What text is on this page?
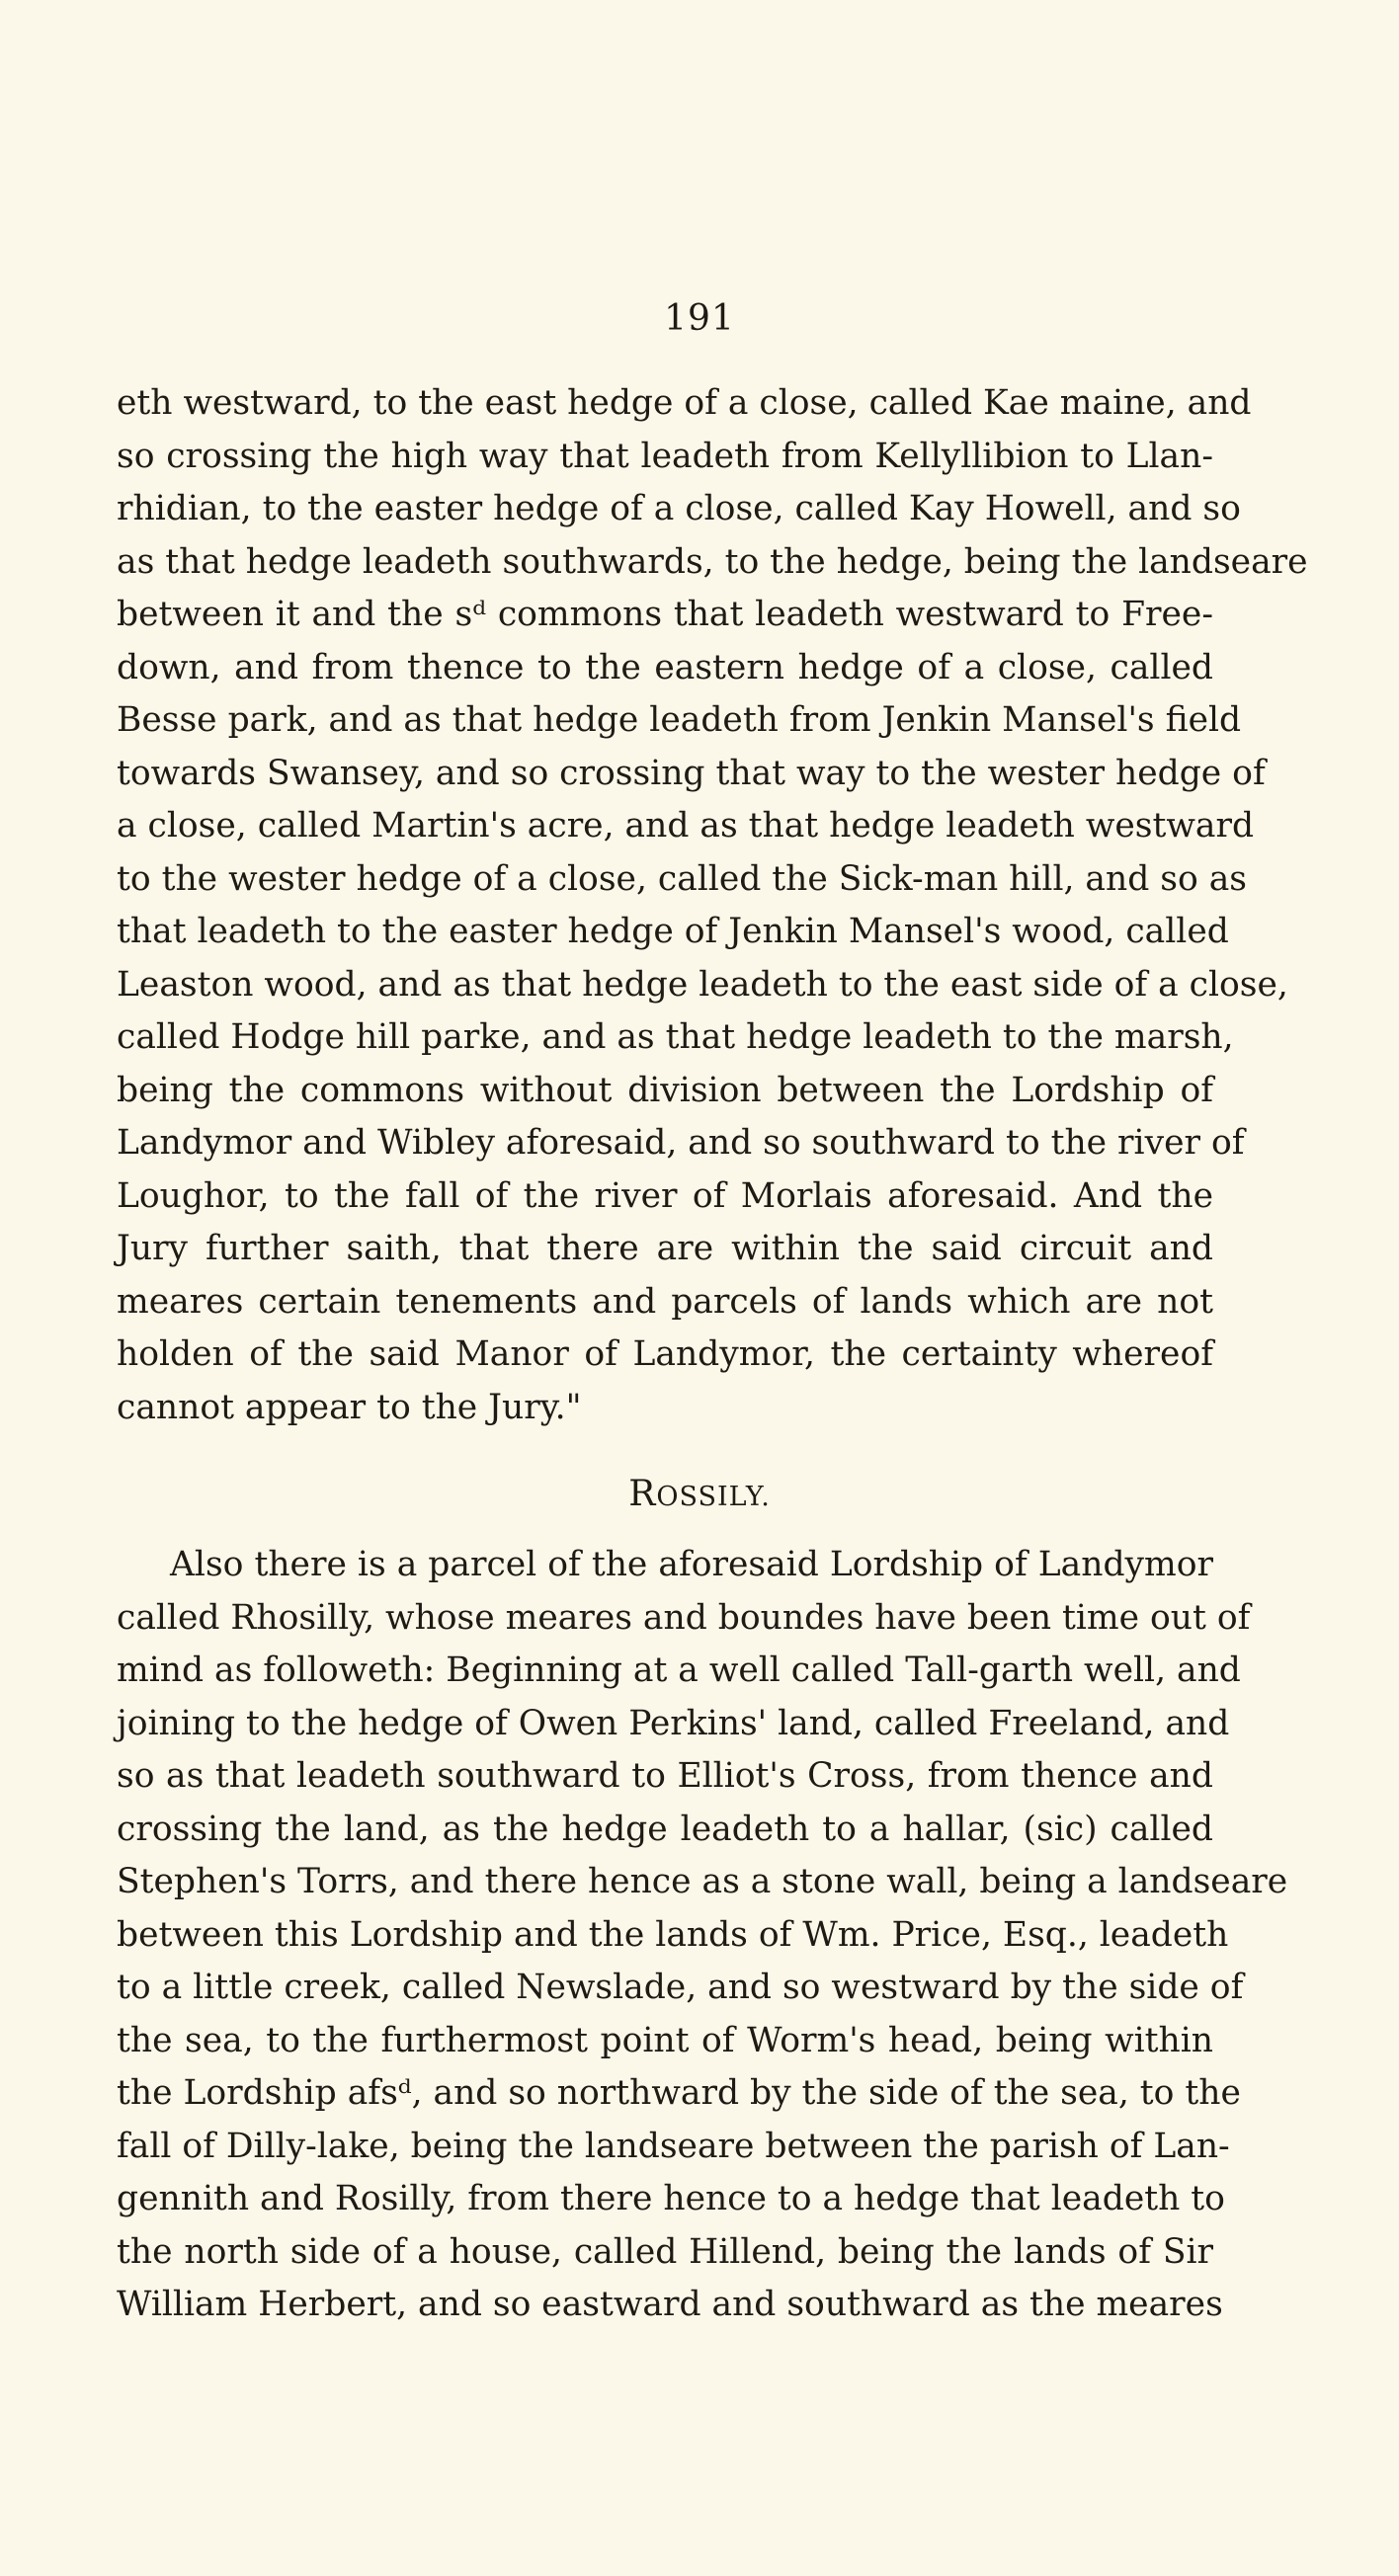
191
eth westward, to the east hedge of a close, called Kae maine, and
so crossing the high way that leadeth from Kellyllibion to Llan-
rhidian, to the easter hedge of a close, called Kay Howell, and so
as that hedge leadeth southwards, to the hedge, being the landseare
between it and the sᵈ commons that leadeth westward to Free-
down, and from thence to the eastern hedge of a close, called
Besse park, and as that hedge leadeth from Jenkin Mansel's field
towards Swansey, and so crossing that way to the wester hedge of
a close, called Martin's acre, and as that hedge leadeth westward
to the wester hedge of a close, called the Sick-man hill, and so as
that leadeth to the easter hedge of Jenkin Mansel's wood, called
Leaston wood, and as that hedge leadeth to the east side of a close,
called Hodge hill parke, and as that hedge leadeth to the marsh,
being the commons without division between the Lordship of
Landymor and Wibley aforesaid, and so southward to the river of
Loughor, to the fall of the river of Morlais aforesaid. And the
Jury further saith, that there are within the said circuit and
meares certain tenements and parcels of lands which are not
holden of the said Manor of Landymor, the certainty whereof
cannot appear to the Jury."
ROSSILY.
Also there is a parcel of the aforesaid Lordship of Landymor
called Rhosilly, whose meares and boundes have been time out of
mind as followeth: Beginning at a well called Tall-garth well, and
joining to the hedge of Owen Perkins' land, called Freeland, and
so as that leadeth southward to Elliot's Cross, from thence and
crossing the land, as the hedge leadeth to a hallar, (sic) called
Stephen's Torrs, and there hence as a stone wall, being a landseare
between this Lordship and the lands of Wm. Price, Esq., leadeth
to a little creek, called Newslade, and so westward by the side of
the sea, to the furthermost point of Worm's head, being within
the Lordship afsᵈ, and so northward by the side of the sea, to the
fall of Dilly-lake, being the landseare between the parish of Lan-
gennith and Rosilly, from there hence to a hedge that leadeth to
the north side of a house, called Hillend, being the lands of Sir
William Herbert, and so eastward and southward as the meares
